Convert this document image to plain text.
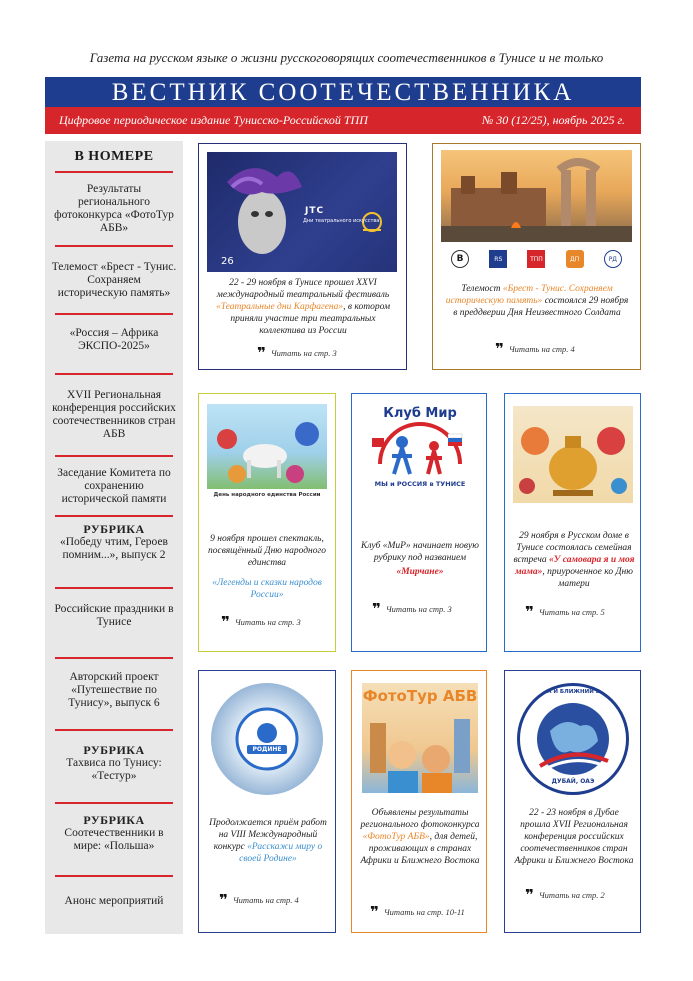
Газета на русском языке о жизни русскоговорящих соотечественников в Тунисе и не только
ВЕСТНИК СООТЕЧЕСТВЕННИКА
Цифровое периодическое издание Тунисско-Российской ТПП	№ 30 (12/25), ноябрь 2025 г.
В НОМЕРЕ
Результаты регионального фотоконкурса «ФотоТур АБВ»
Телемост «Брест - Тунис. Сохраняем историческую память»
«Россия – Африка ЭКСПО-2025»
XVII Региональная конференция российских соотечественников стран АБВ
Заседание Комитета по сохранению исторической памяти
РУБРИКА
«Победу чтим, Героев помним...», выпуск 2
Российские праздники в Тунисе
Авторский проект «Путешествие по Тунису», выпуск 6
РУБРИКА
Тахвиса по Тунису: «Тестур»
РУБРИКА
Соотечественники в мире: «Польша»
Анонс мероприятий
26
JTC
Дни театрального искусства
22 - 29 ноября в Тунисе прошел XXVI международный театральный фестиваль «Театральные дни Карфагена», в котором приняли участие три театральных коллектива из России
❞ Читать на стр. 3
B	RS	ТПП	ДП	РД
Телемост «Брест - Тунис. Сохраняем историческую память» состоялся 29 ноября в преддверии Дня Неизвестного Солдата
❞ Читать на стр. 4
День народного единства России
9 ноября прошел спектакль, посвящённый Дню народного единства
«Легенды и сказки народов России»
❞ Читать на стр. 3
Клуб Мир
МЫ и РОССИЯ в ТУНИСЕ
Клуб «МиР» начинает новую рубрику под названием
«Мирчане»
❞ Читать на стр. 3
29 ноября в Русском доме в Тунисе состоялась семейная встреча «У самовара я и моя мама», приуроченное ко Дню матери
❞ Читать на стр. 5
РОДИНЕ
Продолжается приём работ на VIII Международный конкурс «Расскажи миру о своей Родине»
❞ Читать на стр. 4
ФотоТур АБВ
Объявлены результаты регионального фотоконкурса «ФотоТур АБВ», для детей, проживающих в странах Африки и Ближнего Востока
❞ Читать на стр. 10-11
АФРИКА И БЛИЖНИЙ ВОСТОК
ДУБАЙ, ОАЭ
22 - 23 ноября в Дубае прошла XVII Региональная конференция российских соотечественников стран Африки и Ближнего Востока
❞ Читать на стр. 2
